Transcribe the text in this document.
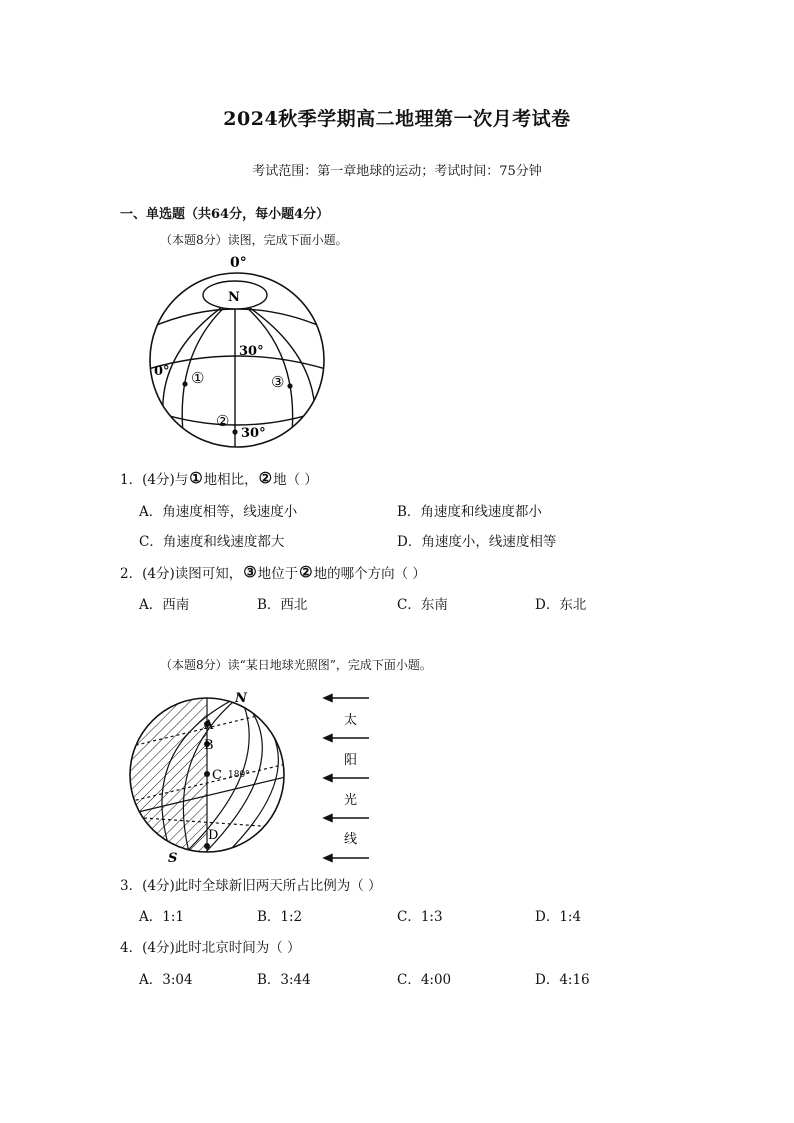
2024秋季学期高二地理第一次月考试卷
考试范围：第一章地球的运动；考试时间：75分钟
一、单选题（共64分，每小题4分）
（本题8分）读图，完成下面小题。
0°
N
30°
0°
30°
①	③
②
1．(4分)与①地相比，②地（ ）
A．角速度相等，线速度小	B．角速度和线速度都小
C．角速度和线速度都大	D．角速度小，线速度相等
2．(4分)读图可知，③地位于②地的哪个方向（ ）
A．西南	B．西北	C．东南	D．东北
（本题8分）读“某日地球光照图”，完成下面小题。
N
S
A
B
C 180°
D
太
阳
光
线
3．(4分)此时全球新旧两天所占比例为（ ）
A．1:1	B．1:2	C．1:3	D．1:4
4．(4分)此时北京时间为（ ）
A．3:04	B．3:44	C．4:00	D．4:16
